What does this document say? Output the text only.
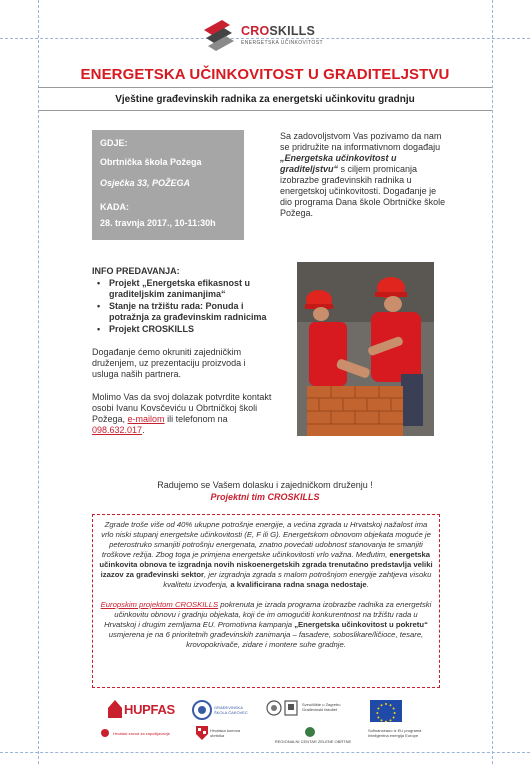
CROSKILLS
ENERGETSKA UČINKOVITOST
ENERGETSKA UČINKOVITOST U GRADITELJSTVU
Vještine građevinskih radnika za energetski učinkovitu gradnju
GDJE:
Obrtnička škola Požega
Osječka 33, POŽEGA
KADA:
28. travnja 2017., 10-11:30h
Sa zadovoljstvom Vas pozivamo da nam se pridružite na informativnom događaju „Energetska učinkovitost u graditeljstvu“ s ciljem promicanja izobrazbe građevinskih radnika u energetskoj učinkovitosti. Događanje je dio programa Dana škole Obrtničke škole Požega.
INFO PREDAVANJA:
• Projekt „Energetska efikasnost u graditeljskim zanimanjima“
• Stanje na tržištu rada: Ponuda i potražnja za građevinskim radnicima
• Projekt CROSKILLS

Događanje ćemo okruniti zajedničkim druženjem, uz prezentaciju proizvoda i usluga naših partnera.

Molimo Vas da svoj dolazak potvrdite kontakt osobi Ivanu Kovsčeviću u Obrtničkoj školi Požega, e-mailom ili telefonom na 098.632.017.

Radujemo se Vašem dolasku i zajedničkom druženju !
Projektni tim CROSKILLS

Zgrade troše više od 40% ukupne potrošnje energije, a većina zgrada u Hrvatskoj nažalost ima vrlo niski stupanj energetske učinkovitosti (E, F ili G). Energetskom obnovom objekata moguće je peterostruko smanjiti potrošnju energenata, znatno povećati udobnost stanovanja te smanjiti troškove režija. Zbog toga je primjena energetske učinkovitosti vrlo važna. Međutim, energetska učinkovita obnova te izgradnja novih niskoenergetskih zgrada trenutačno predstavlja veliki izazov za građevinski sektor, jer izgradnja zgrada s malom potrošnjom energije zahtjeva visoku kvalitetu izvođenja, a kvalificirana radna snaga nedostaje.

Europskim projektom CROSKILLS pokrenuta je izrada programa izobrazbe radnika za energetski učinkovitu obnovu i gradnju objekata, koji će im omogućiti konkurentnost na tržištu rada u Hrvatskoj i drugim zemljama EU. Promotivna kampanja „Energetska učinkovitost u pokretu“ usmjerena je na 6 prioritetnih građevinskih zanimanja – fasadere, soboslikare/ličioce, tesare, krovopokrivače, zidare i montere suhe gradnje.

HUPFAS
Hrvatski zavod za zapošljavanje
GRAĐEVINSKA ŠKOLA ČAKOVEC
Hrvatska komora obrtnika
Sveučilište u Zagrebu Građevinski fakultet
REGIONALNI CENTAR ZELENE OBRTNE
Sufinancirano iz EU programa Inteligentna energija Europe
